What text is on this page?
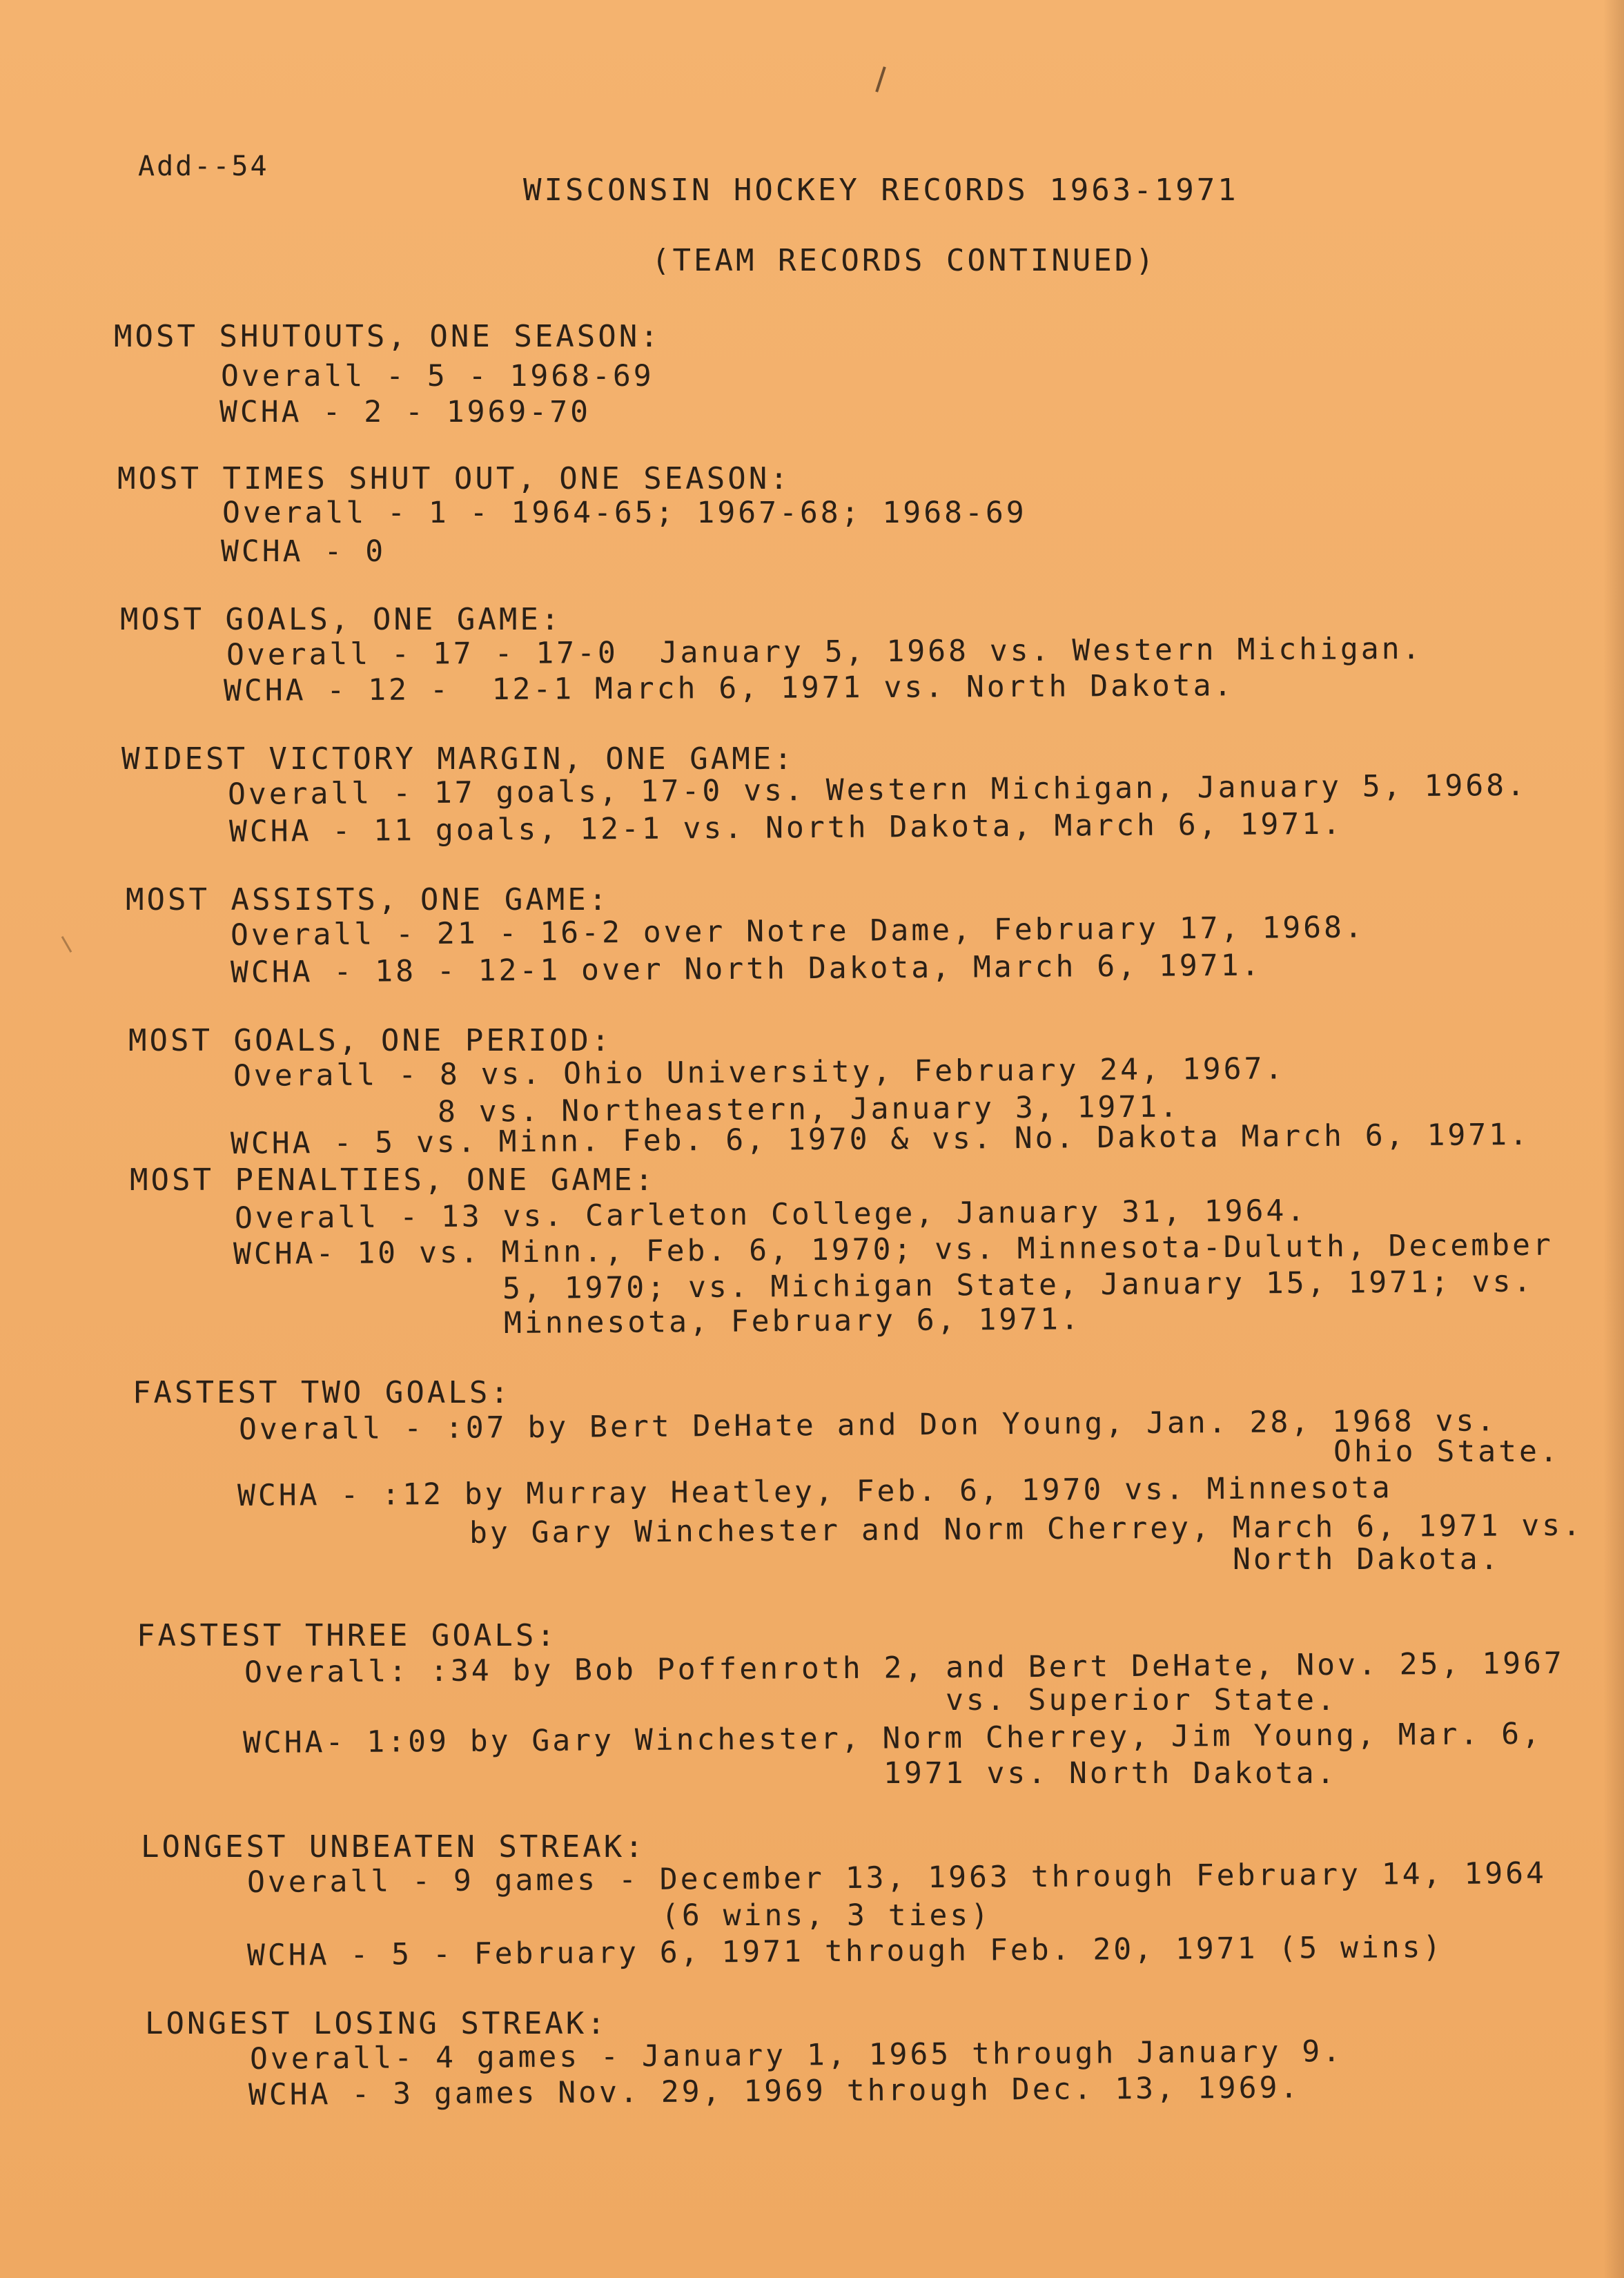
Add--54
WISCONSIN HOCKEY RECORDS 1963-1971
(TEAM RECORDS CONTINUED)
MOST SHUTOUTS, ONE SEASON:
Overall - 5 - 1968-69
WCHA - 2 - 1969-70
MOST TIMES SHUT OUT, ONE SEASON:
Overall - 1 - 1964-65; 1967-68; 1968-69
WCHA - 0
MOST GOALS, ONE GAME:
Overall - 17 - 17-0  January 5, 1968 vs. Western Michigan.
WCHA - 12 -  12-1 March 6, 1971 vs. North Dakota.
WIDEST VICTORY MARGIN, ONE GAME:
Overall - 17 goals, 17-0 vs. Western Michigan, January 5, 1968.
WCHA - 11 goals, 12-1 vs. North Dakota, March 6, 1971.
MOST ASSISTS, ONE GAME:
Overall - 21 - 16-2 over Notre Dame, February 17, 1968.
WCHA - 18 - 12-1 over North Dakota, March 6, 1971.
MOST GOALS, ONE PERIOD:
Overall - 8 vs. Ohio University, February 24, 1967.
8 vs. Northeastern, January 3, 1971.
WCHA - 5 vs. Minn. Feb. 6, 1970 & vs. No. Dakota March 6, 1971.
MOST PENALTIES, ONE GAME:
Overall - 13 vs. Carleton College, January 31, 1964.
WCHA- 10 vs. Minn., Feb. 6, 1970; vs. Minnesota-Duluth, December
5, 1970; vs. Michigan State, January 15, 1971; vs.
Minnesota, February 6, 1971.
FASTEST TWO GOALS:
Overall - :07 by Bert DeHate and Don Young, Jan. 28, 1968 vs.
Ohio State.
WCHA - :12 by Murray Heatley, Feb. 6, 1970 vs. Minnesota
by Gary Winchester and Norm Cherrey, March 6, 1971 vs.
North Dakota.
FASTEST THREE GOALS:
Overall: :34 by Bob Poffenroth 2, and Bert DeHate, Nov. 25, 1967
vs. Superior State.
WCHA- 1:09 by Gary Winchester, Norm Cherrey, Jim Young, Mar. 6,
1971 vs. North Dakota.
LONGEST UNBEATEN STREAK:
Overall - 9 games - December 13, 1963 through February 14, 1964
(6 wins, 3 ties)
WCHA - 5 - February 6, 1971 through Feb. 20, 1971 (5 wins)
LONGEST LOSING STREAK:
Overall- 4 games - January 1, 1965 through January 9.
WCHA - 3 games Nov. 29, 1969 through Dec. 13, 1969.
